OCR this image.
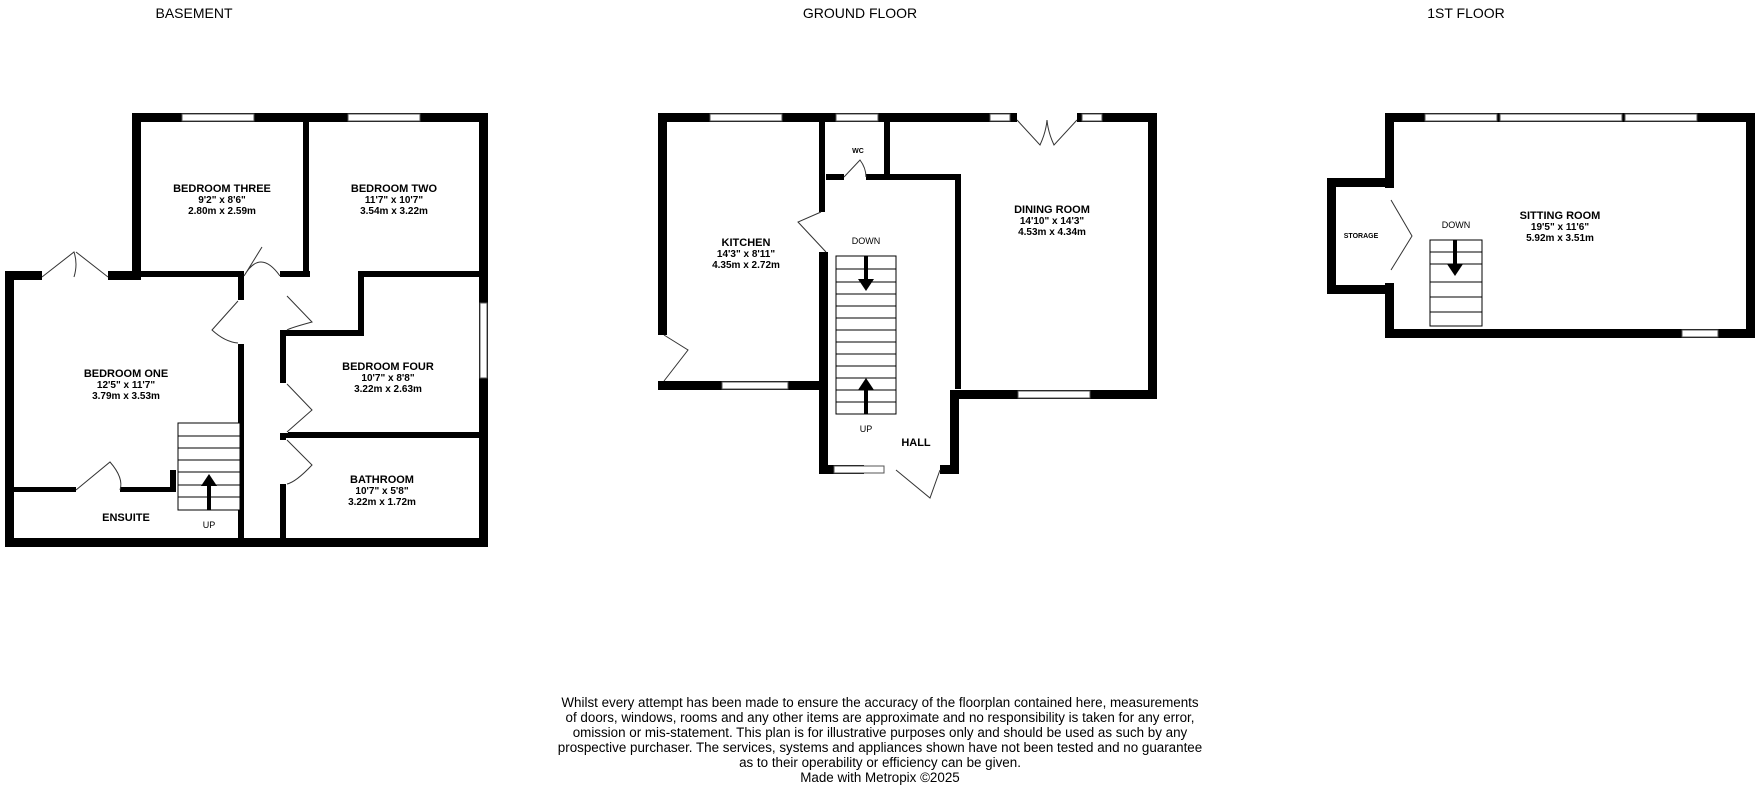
BASEMENT	GROUND FLOOR	1ST FLOOR
BEDROOM THREE
9'2" x 8'6"
2.80m x 2.59m
BEDROOM TWO
11'7" x 10'7"
3.54m x 3.22m
BEDROOM ONE
12'5" x 11'7"
3.79m x 3.53m
BEDROOM FOUR
10'7" x 8'8"
3.22m x 2.63m
BATHROOM
10'7" x 5'8"
3.22m x 1.72m
ENSUITE
UP
KITCHEN
14'3" x 8'11"
4.35m x 2.72m
DINING ROOM
14'10" x 14'3"
4.53m x 4.34m
WC
HALL
DOWN
UP
SITTING ROOM
19'5" x 11'6"
5.92m x 3.51m
STORAGE
DOWN
Whilst every attempt has been made to ensure the accuracy of the floorplan contained here, measurements
of doors, windows, rooms and any other items are approximate and no responsibility is taken for any error,
omission or mis-statement. This plan is for illustrative purposes only and should be used as such by any
prospective purchaser. The services, systems and appliances shown have not been tested and no guarantee
as to their operability or efficiency can be given.
Made with Metropix ©2025
